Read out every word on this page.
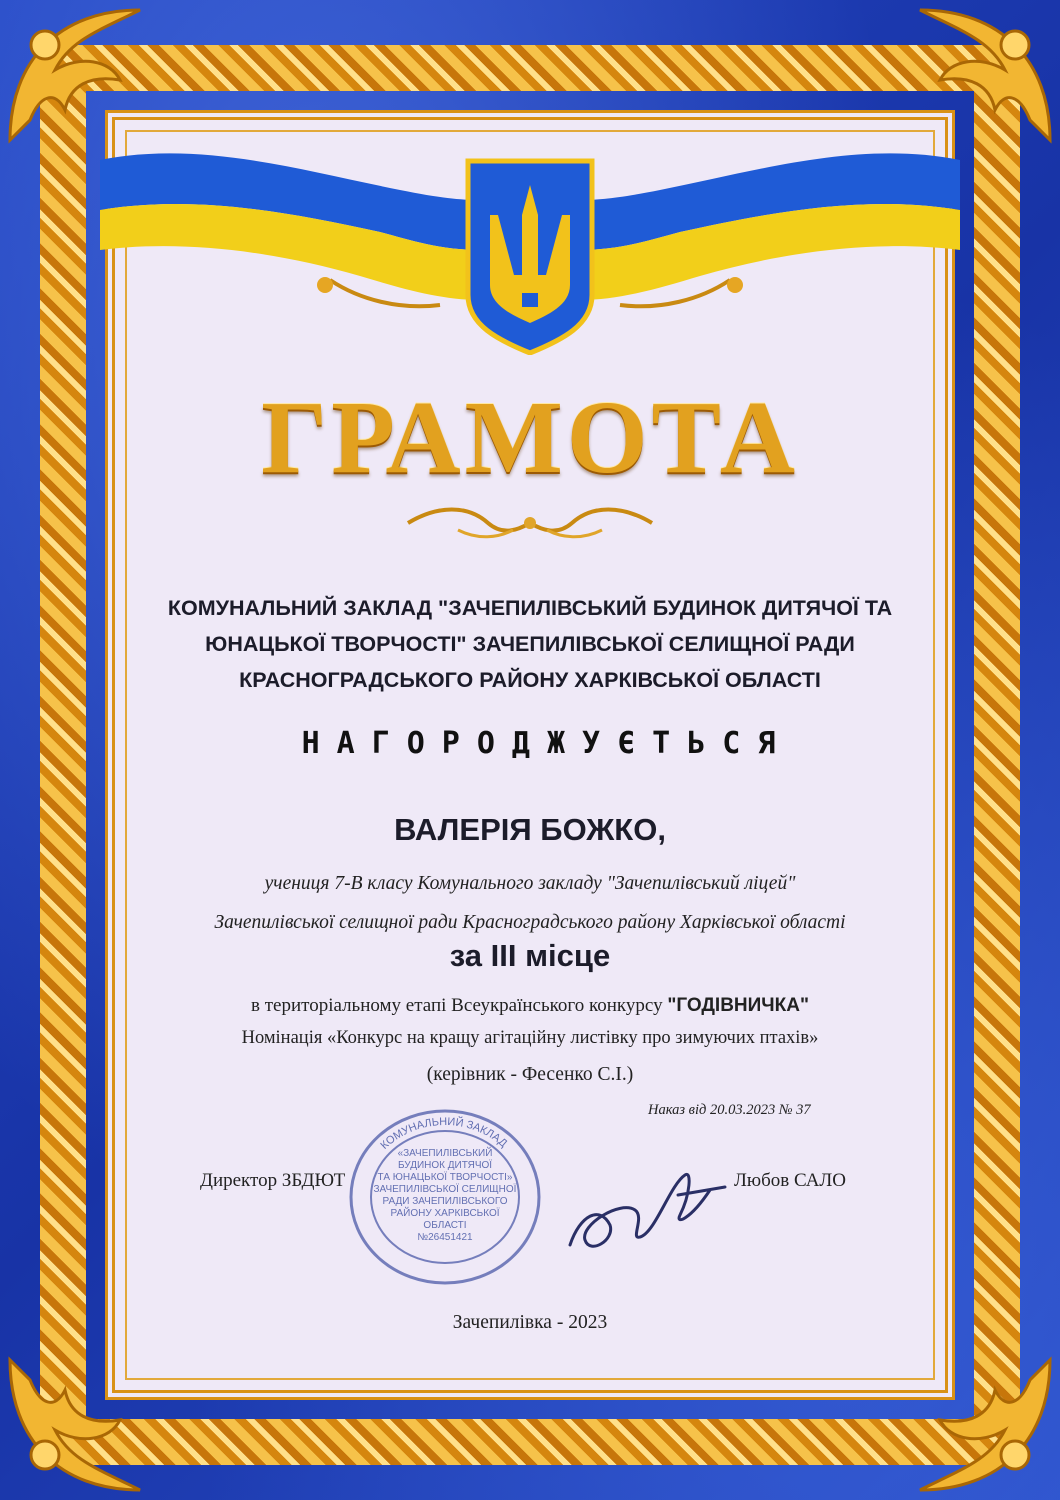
ГРАМОТА
КОМУНАЛЬНИЙ ЗАКЛАД "ЗАЧЕПИЛІВСЬКИЙ БУДИНОК ДИТЯЧОЇ ТА
ЮНАЦЬКОЇ ТВОРЧОСТІ" ЗАЧЕПИЛІВСЬКОЇ СЕЛИЩНОЇ РАДИ
КРАСНОГРАДСЬКОГО РАЙОНУ ХАРКІВСЬКОЇ ОБЛАСТІ
НАГОРОДЖУЄТЬСЯ
ВАЛЕРІЯ БОЖКО,
учениця 7-В класу Комунального закладу "Зачепилівський ліцей"
Зачепилівської селищної ради Красноградського району Харківської області
за ІІІ місце
в територіальному етапі Всеукраїнського конкурсу "ГОДІВНИЧКА"
Номінація «Конкурс на кращу агітаційну листівку про зимуючих птахів»
(керівник - Фесенко С.І.)
Наказ від 20.03.2023 № 37
Директор ЗБДЮТ
КОМУНАЛЬНИЙ ЗАКЛАД
«ЗАЧЕПИЛІВСЬКИЙ
БУДИНОК ДИТЯЧОЇ
ТА ЮНАЦЬКОЇ ТВОРЧОСТІ»
ЗАЧЕПИЛІВСЬКОЇ СЕЛИЩНОЇ
РАДИ ЗАЧЕПИЛІВСЬКОГО
РАЙОНУ ХАРКІВСЬКОЇ
ОБЛАСТІ
№26451421
Любов САЛО
Зачепилівка - 2023
